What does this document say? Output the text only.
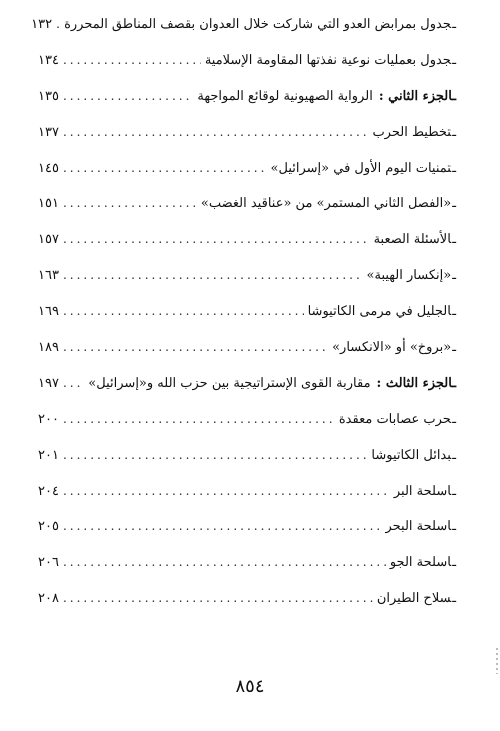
ـجدول بمرابض العدو التي شاركت خلال العدوان بقصف المناطق المحررة
.....
١٣٢
ـجدول بعمليات نوعية نفذتها المقاومة الإسلامية
.....
١٣٤
ـالجزء الثاني :الرواية الصهيونية لوقائع المواجهة
.....
١٣٥
ـتخطيط الحرب
.....
١٣٧
ـتمنيات اليوم الأول في «إسرائيل»
.....
١٤٥
ـ«الفصل الثاني المستمر» من «عناقيد الغضب»
.....
١٥١
ـالأسئلة الصعبة
.....
١٥٧
ـ«إنكسار الهيبة»
.....
١٦٣
ـالجليل في مرمى الكاتيوشا
.....
١٦٩
ـ«بروخ» أو «الانكسار»
.....
١٨٩
ـالجزء الثالث :مقاربة القوى الإستراتيجية بين حزب الله و«إسرائيل»
.....
١٩٧
ـحرب عصابات معقدة
.....
٢٠٠
ـبدائل الكاتيوشا
.....
٢٠١
ـاسلحة البر
.....
٢٠٤
ـاسلحة البحر
.....
٢٠٥
ـاسلحة الجو
.....
٢٠٦
ـسلاح الطيران
.....
٢٠٨
٨٥٤
